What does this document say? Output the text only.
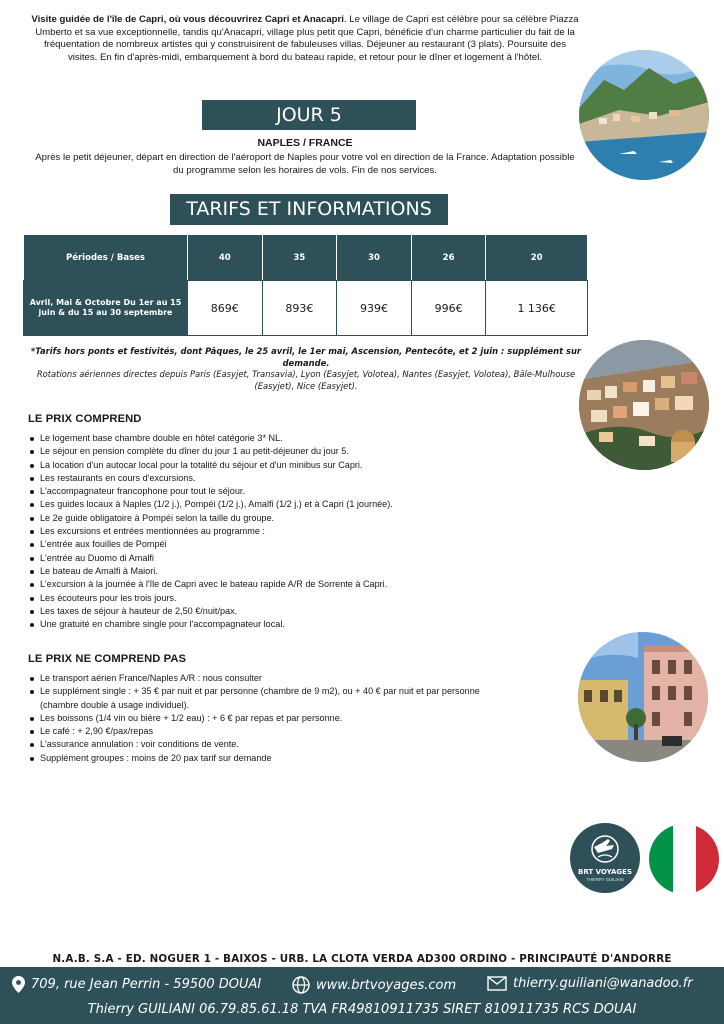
Visite guidée de l'île de Capri, où vous découvrirez Capri et Anacapri. Le village de Capri est célèbre pour sa célèbre Piazza Umberto et sa vue exceptionnelle, tandis qu'Anacapri, village plus petit que Capri, bénéficie d'un charme particulier du fait de la fréquentation de nombreux artistes qui y construisirent de fabuleuses villas. Déjeuner au restaurant (3 plats). Poursuite des visites. En fin d'après-midi, embarquement à bord du bateau rapide, et retour pour le dîner et logement à l'hôtel.

JOUR 5
NAPLES / FRANCE

Après le petit déjeuner, départ en direction de l'aéroport de Naples pour votre vol en direction de la France. Adaptation possible du programme selon les horaires de vols. Fin de nos services.

TARIFS ET INFORMATIONS
Périodes / Bases	40	35	30	26	20
Avril, Mai & Octobre Du 1er au 15 juin & du 15 au 30 septembre	869€	893€	939€	996€	1 136€
*Tarifs hors ponts et festivités, dont Pâques, le 25 avril, le 1er mai, Ascension, Pentecôte, et 2 juin : supplément sur demande.
Rotations aériennes directes depuis Paris (Easyjet, Transavia), Lyon (Easyjet, Volotea), Nantes (Easyjet, Volotea), Bâle-Mulhouse (Easyjet), Nice (Easyjet).
LE PRIX COMPREND
Le logement base chambre double en hôtel catégorie 3* NL.
Le séjour en pension complète du dîner du jour 1 au petit-déjeuner du jour 5.
La location d'un autocar local pour la totalité du séjour et d'un minibus sur Capri.
Les restaurants en cours d'excursions.
L'accompagnateur francophone pour tout le séjour.
Les guides locaux à Naples (1/2 j.), Pompéi (1/2 j.), Amalfi (1/2 j.) et à Capri (1 journée).
Le 2e guide obligatoire à Pompéi selon la taille du groupe.
Les excursions et entrées mentionnées au programme :
L'entrée aux fouilles de Pompéi
L'entrée au Duomo di Amalfi
Le bateau de Amalfi à Maiori.
L'excursion à la journée à l'île de Capri avec le bateau rapide A/R de Sorrente à Capri.
Les écouteurs pour les trois jours.
Les taxes de séjour à hauteur de 2,50 €/nuit/pax.
Une gratuité en chambre single pour l'accompagnateur local.
LE PRIX NE COMPREND PAS
Le transport aérien France/Naples A/R : nous consulter
Le supplément single : + 35 € par nuit et par personne (chambre de 9 m2), ou + 40 € par nuit et par personne (chambre double à usage individuel).
Les boissons (1/4 vin ou bière + 1/2 eau) : + 6 € par repas et par personne.
Le café : + 2,90 €/pax/repas
L'assurance annulation : voir conditions de vente.
Supplément groupes : moins de 20 pax tarif sur demande
BRT VOYAGES
THIERRY GUILIANI
N.A.B. S.A - ED. NOGUER 1 - BAIXOS - URB. LA CLOTA VERDA AD300 ORDINO - PRINCIPAUTÉ D'ANDORRE
709, rue Jean Perrin - 59500 DOUAI	www.brtvoyages.com	thierry.guiliani@wanadoo.fr
Thierry GUILIANI 06.79.85.61.18 TVA FR49810911735 SIRET 810911735 RCS DOUAI
